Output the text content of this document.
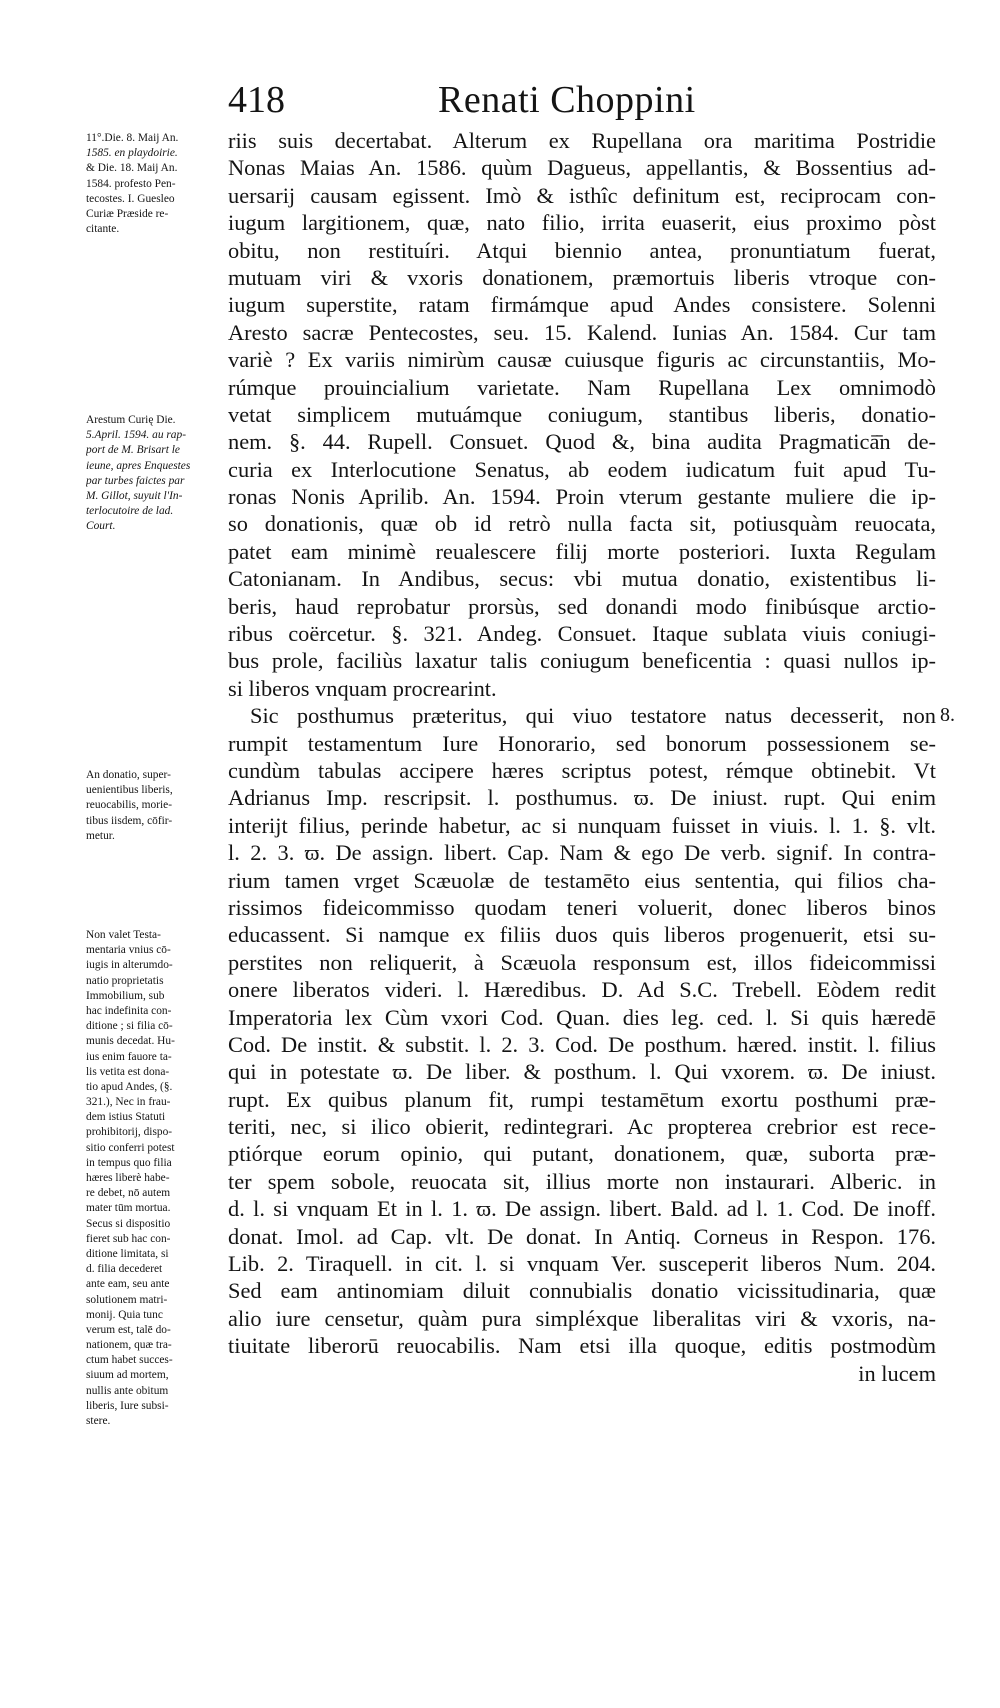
418	Renati Choppini
11°.Die. 8. Maij An.
1585. en playdoirie.
& Die. 18. Maij An.
1584. profesto Pen-
tecostes. I. Guesleo
Curiæ Præside re-
citante.
Arestum Curię Die.
5.April. 1594. au rap-
port de M. Brisart le
ieune, apres Enquestes
par turbes faictes par
M. Gillot, suyuit l'In-
terlocutoire de lad.
Court.
An donatio, super-
uenientibus liberis,
reuocabilis, morie-
tibus iisdem, cōfir-
metur.
Non valet Testa-
mentaria vnius cō-
iugis in alterumdo-
natio proprietatis
Immobilium, sub
hac indefinita con-
ditione ; si filia cō-
munis decedat. Hu-
ius enim fauore ta-
lis vetita est dona-
tio apud Andes, (§.
321.), Nec in frau-
dem istius Statuti
prohibitorij, dispo-
sitio conferri potest
in tempus quo filia
hæres liberè habe-
re debet, nō autem
mater tūm mortua.
Secus si dispositio
fieret sub hac con-
ditione limitata, si
d. filia decederet
ante eam, seu ante
solutionem matri-
monij. Quia tunc
verum est, talē do-
nationem, quæ tra-
ctum habet succes-
siuum ad mortem,
nullis ante obitum
liberis, Iure subsi-
stere.
riis suis decertabat. Alterum ex Rupellana ora maritima Postridie
Nonas Maias An. 1586. quùm Dagueus, appellantis, & Bossentius ad-
uersarij causam egissent. Imò & isthîc definitum est, reciprocam con-
iugum largitionem, quæ, nato filio, irrita euaserit, eius proximo pòst
obitu, non restituíri. Atqui biennio antea, pronuntiatum fuerat,
mutuam viri & vxoris donationem, præmortuis liberis vtroque con-
iugum superstite, ratam firmámque apud Andes consistere. Solenni
Aresto sacræ Pentecostes, seu. 15. Kalend. Iunias An. 1584. Cur tam
variè ? Ex variis nimirùm causæ cuiusque figuris ac circunstantiis, Mo-
rúmque prouincialium varietate. Nam Rupellana Lex omnimodò
vetat simplicem mutuámque coniugum, stantibus liberis, donatio-
nem. §. 44. Rupell. Consuet. Quod &, bina audita Pragmaticā̄n de-
curia ex Interlocutione Senatus, ab eodem iudicatum fuit apud Tu-
ronas Nonis Aprilib. An. 1594. Proin vterum gestante muliere die ip-
so donationis, quæ ob id retrò nulla facta sit, potiusquàm reuocata,
patet eam minimè reualescere filij morte posteriori. Iuxta Regulam
Catonianam. In Andibus, secus: vbi mutua donatio, existentibus li-
beris, haud reprobatur prorsùs, sed donandi modo finibúsque arctio-
ribus coërcetur. §. 321. Andeg. Consuet. Itaque sublata viuis coniugi-
bus prole, faciliùs laxatur talis coniugum beneficentia : quasi nullos ip-
si liberos vnquam procrearint.
Sic posthumus præteritus, qui viuo testatore natus decesserit, non
rumpit testamentum Iure Honorario, sed bonorum possessionem se-
cundùm tabulas accipere hæres scriptus potest, rémque obtinebit. Vt
Adrianus Imp. rescripsit. l. posthumus. ϖ. De iniust. rupt. Qui enim
interijt filius, perinde habetur, ac si nunquam fuisset in viuis. l. 1. §. vlt.
l. 2. 3. ϖ. De assign. libert. Cap. Nam & ego De verb. signif. In contra-
rium tamen vrget Scæuolæ de testamēto eius sententia, qui filios cha-
rissimos fideicommisso quodam teneri voluerit, donec liberos binos
educassent. Si namque ex filiis duos quis liberos progenuerit, etsi su-
perstites non reliquerit, à Scæuola responsum est, illos fideicommissi
onere liberatos videri. l. Hæredibus. D. Ad S.C. Trebell. Eòdem redit
Imperatoria lex Cùm vxori Cod. Quan. dies leg. ced. l. Si quis hæredē
Cod. De instit. & substit. l. 2. 3. Cod. De posthum. hæred. instit. l. filius
qui in potestate ϖ. De liber. & posthum. l. Qui vxorem. ϖ. De iniust.
rupt. Ex quibus planum fit, rumpi testamētum exortu posthumi præ-
teriti, nec, si ilico obierit, redintegrari. Ac propterea crebrior est rece-
ptiórque eorum opinio, qui putant, donationem, quæ, suborta præ-
ter spem sobole, reuocata sit, illius morte non instaurari. Alberic. in
d. l. si vnquam Et in l. 1. ϖ. De assign. libert. Bald. ad l. 1. Cod. De inoff.
donat. Imol. ad Cap. vlt. De donat. In Antiq. Corneus in Respon. 176.
Lib. 2. Tiraquell. in cit. l. si vnquam Ver. susceperit liberos Num. 204.
Sed eam antinomiam diluit connubialis donatio vicissitudinaria, quæ
alio iure censetur, quàm pura simpléxque liberalitas viri & vxoris, na-
tiuitate liberorū reuocabilis. Nam etsi illa quoque, editis postmodùm
in lucem
8.
